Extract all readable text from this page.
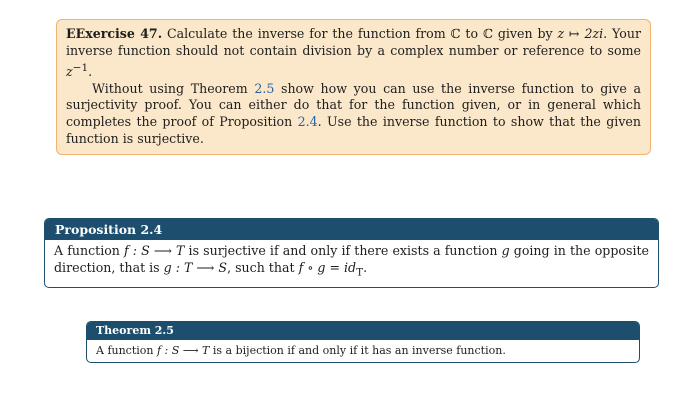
EExercise 47. Calculate the inverse for the function from ℂ to ℂ given by z ↦ 2zi. Your inverse function should not contain division by a complex number or reference to some $z^{-1}$.

Without using Theorem 2.5 show how you can use the inverse function to give a surjectivity proof. You can either do that for the function given, or in general which completes the proof of Proposition 2.4. Use the inverse function to show that the given function is surjective.

Proposition 2.4
A function f : S ⟶ T is surjective if and only if there exists a function g going in the opposite direction, that is g : T ⟶ S, such that f ∘ $g = id_T$.
Theorem 2.5
A function f : S ⟶ T is a bijection if and only if it has an inverse function.
